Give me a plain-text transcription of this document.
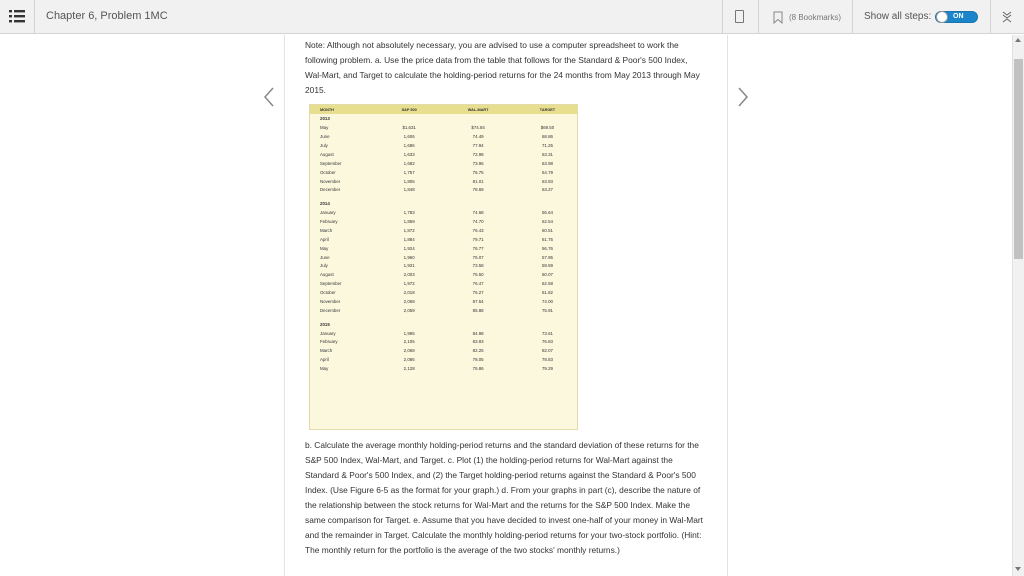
Chapter 6, Problem 1MC	(8 Bookmarks) Show all steps:	ON

Note: Although not absolutely necessary, you are advised to use a computer spreadsheet to work the following problem. a. Use the price data from the table that follows for the Standard & Poor's 500 Index, Wal-Mart, and Target to calculate the holding-period returns for the 24 months from May 2013 through May 2015.

MONTH	S&P 500	WAL-MART	TARGET
2013			
May	$1,631	$74.84	$69.50
June	1,606	74.49	68.86
July	1,686	77.94	71.25
August	1,633	72.98	63.31
September	1,682	73.96	63.98
October	1,757	76.75	64.79
November	1,806	81.01	63.93
December	1,848	78.69	63.27

2014			
January	1,783	74.68	56.64
February	1,859	74.70	62.54
March	1,872	76.43	60.51
April	1,884	79.71	61.75
May	1,924	76.77	56.76
June	1,960	75.07	57.95
July	1,931	73.58	59.59
August	2,003	75.50	60.07
September	1,972	76.47	62.68
October	2,018	76.27	61.82
November	2,068	87.54	74.00
December	2,059	85.88	75.91

2015			
January	1,995	84.98	73.61
February	2,105	83.93	76.83
March	2,068	82.25	82.07
April	2,086	78.05	78.83
May	2,128	75.86	79.29

b. Calculate the average monthly holding-period returns and the standard deviation of these returns for the S&P 500 Index, Wal-Mart, and Target. c. Plot (1) the holding-period returns for Wal-Mart against the Standard & Poor's 500 Index, and (2) the Target holding-period returns against the Standard & Poor's 500 Index. (Use Figure 6-5 as the format for your graph.) d. From your graphs in part (c), describe the nature of the relationship between the stock returns for Wal-Mart and the returns for the S&P 500 Index. Make the same comparison for Target. e. Assume that you have decided to invest one-half of your money in Wal-Mart and the remainder in Target. Calculate the monthly holding-period returns for your two-stock portfolio. (Hint: The monthly return for the portfolio is the average of the two stocks' monthly returns.)
